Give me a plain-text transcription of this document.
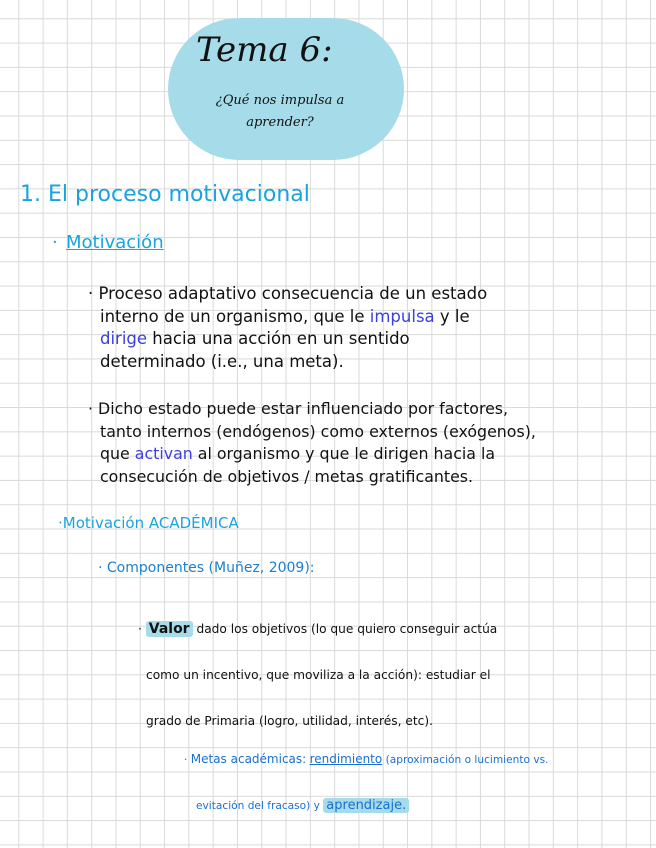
Tema 6:
¿Qué nos impulsa a
aprender?
1. El proceso motivacional
· Motivación
· Proceso adaptativo consecuencia de un estado
interno de un organismo, que le impulsa y le
dirige hacia una acción en un sentido
determinado (i.e., una meta).
· Dicho estado puede estar influenciado por factores,
tanto internos (endógenos) como externos (exógenos),
que activan al organismo y que le dirigen hacia la
consecución de objetivos / metas gratificantes.
·Motivación ACADÉMICA
· Componentes (Muñez, 2009):
· Valor dado los objetivos (lo que quiero conseguir actúa
como un incentivo, que moviliza a la acción): estudiar el
grado de Primaria (logro, utilidad, interés, etc).
· Metas académicas: rendimiento (aproximación o lucimiento vs.
evitación del fracaso) y aprendizaje.
